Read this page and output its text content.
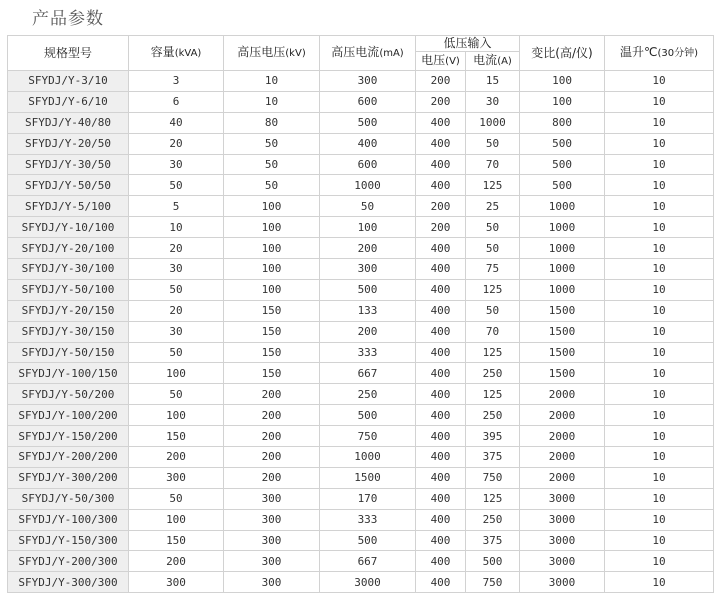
产品参数
规格型号	容量(kVA)	高压电压(kV)	高压电流(mA)	低压输入		变比(高/仪)	温升℃(30分钟)
				电压(V)	电流(A)		
SFYDJ/Y-3/10	3	10	300	200	15	100	10
SFYDJ/Y-6/10	6	10	600	200	30	100	10
SFYDJ/Y-40/80	40	80	500	400	1000	800	10
SFYDJ/Y-20/50	20	50	400	400	50	500	10
SFYDJ/Y-30/50	30	50	600	400	70	500	10
SFYDJ/Y-50/50	50	50	1000	400	125	500	10
SFYDJ/Y-5/100	5	100	50	200	25	1000	10
SFYDJ/Y-10/100	10	100	100	200	50	1000	10
SFYDJ/Y-20/100	20	100	200	400	50	1000	10
SFYDJ/Y-30/100	30	100	300	400	75	1000	10
SFYDJ/Y-50/100	50	100	500	400	125	1000	10
SFYDJ/Y-20/150	20	150	133	400	50	1500	10
SFYDJ/Y-30/150	30	150	200	400	70	1500	10
SFYDJ/Y-50/150	50	150	333	400	125	1500	10
SFYDJ/Y-100/150	100	150	667	400	250	1500	10
SFYDJ/Y-50/200	50	200	250	400	125	2000	10
SFYDJ/Y-100/200	100	200	500	400	250	2000	10
SFYDJ/Y-150/200	150	200	750	400	395	2000	10
SFYDJ/Y-200/200	200	200	1000	400	375	2000	10
SFYDJ/Y-300/200	300	200	1500	400	750	2000	10
SFYDJ/Y-50/300	50	300	170	400	125	3000	10
SFYDJ/Y-100/300	100	300	333	400	250	3000	10
SFYDJ/Y-150/300	150	300	500	400	375	3000	10
SFYDJ/Y-200/300	200	300	667	400	500	3000	10
SFYDJ/Y-300/300	300	300	3000	400	750	3000	10
